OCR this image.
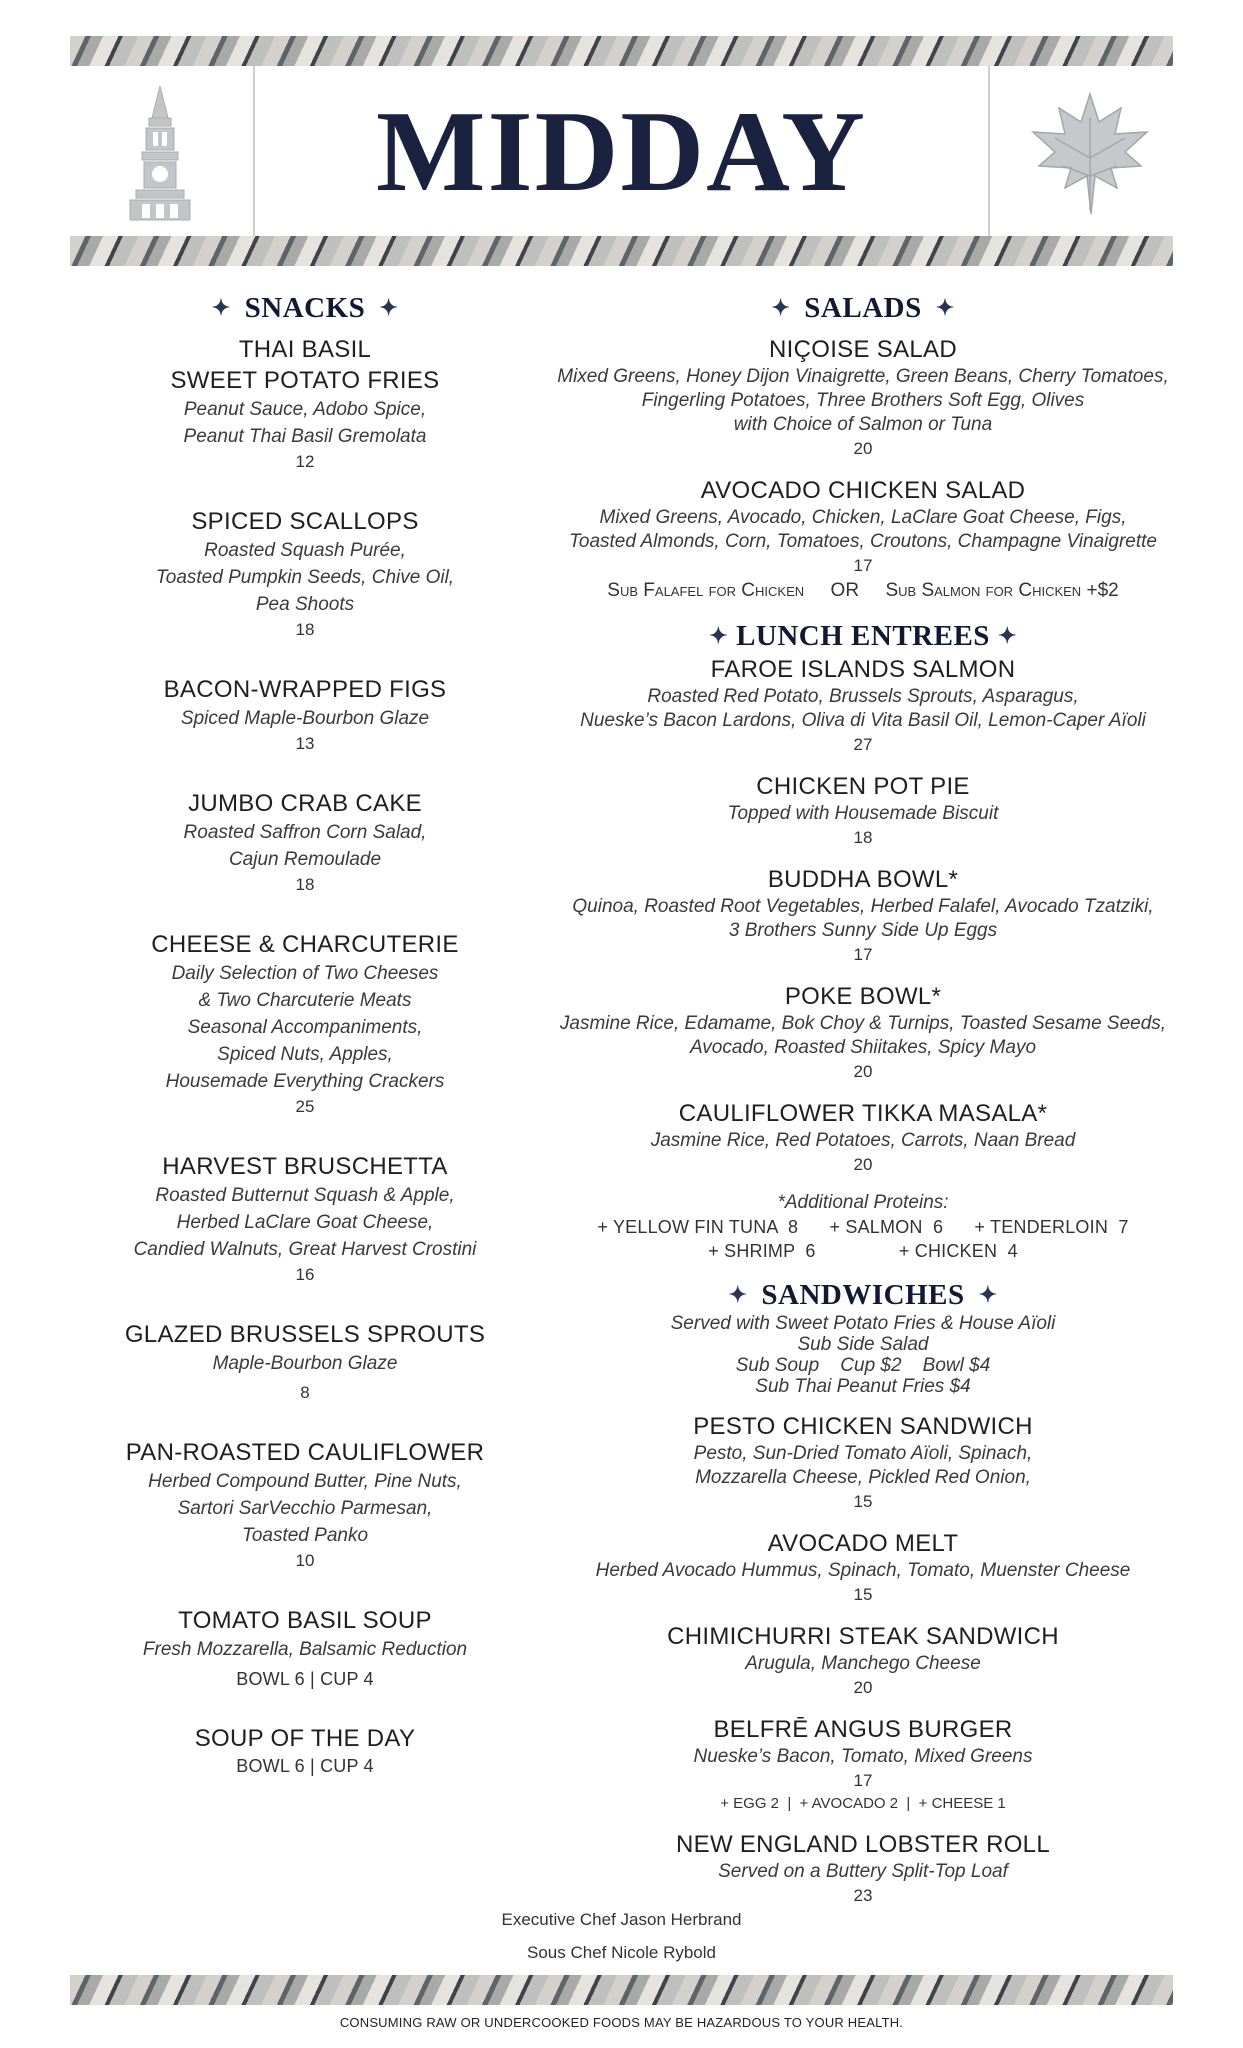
MIDDAY
✦ SNACKS ✦
THAI BASIL
SWEET POTATO FRIES
Peanut Sauce, Adobo Spice,
Peanut Thai Basil Gremolata
12
SPICED SCALLOPS
Roasted Squash Purée,
Toasted Pumpkin Seeds, Chive Oil,
Pea Shoots
18
BACON-WRAPPED FIGS
Spiced Maple-Bourbon Glaze
13
JUMBO CRAB CAKE
Roasted Saffron Corn Salad,
Cajun Remoulade
18
CHEESE & CHARCUTERIE
Daily Selection of Two Cheeses
& Two Charcuterie Meats
Seasonal Accompaniments,
Spiced Nuts, Apples,
Housemade Everything Crackers
25
HARVEST BRUSCHETTA
Roasted Butternut Squash & Apple,
Herbed LaClare Goat Cheese,
Candied Walnuts, Great Harvest Crostini
16
GLAZED BRUSSELS SPROUTS
Maple-Bourbon Glaze
8
PAN-ROASTED CAULIFLOWER
Herbed Compound Butter, Pine Nuts,
Sartori SarVecchio Parmesan,
Toasted Panko
10
TOMATO BASIL SOUP
Fresh Mozzarella, Balsamic Reduction
BOWL 6 | CUP 4
SOUP OF THE DAY
BOWL 6 | CUP 4
✦ SALADS ✦
NIÇOISE SALAD
Mixed Greens, Honey Dijon Vinaigrette, Green Beans, Cherry Tomatoes,
Fingerling Potatoes, Three Brothers Soft Egg, Olives
with Choice of Salmon or Tuna
20
AVOCADO CHICKEN SALAD
Mixed Greens, Avocado, Chicken, LaClare Goat Cheese, Figs,
Toasted Almonds, Corn, Tomatoes, Croutons, Champagne Vinaigrette
17
Sub Falafel for Chicken     OR     Sub Salmon for Chicken +$2
✦ LUNCH ENTREES ✦
FAROE ISLANDS SALMON
Roasted Red Potato, Brussels Sprouts, Asparagus,
Nueske’s Bacon Lardons, Oliva di Vita Basil Oil, Lemon-Caper Aïoli
27
CHICKEN POT PIE
Topped with Housemade Biscuit
18
BUDDHA BOWL*
Quinoa, Roasted Root Vegetables, Herbed Falafel, Avocado Tzatziki,
3 Brothers Sunny Side Up Eggs
17
POKE BOWL*
Jasmine Rice, Edamame, Bok Choy & Turnips, Toasted Sesame Seeds,
Avocado, Roasted Shiitakes, Spicy Mayo
20
CAULIFLOWER TIKKA MASALA*
Jasmine Rice, Red Potatoes, Carrots, Naan Bread
20
*Additional Proteins:
+ YELLOW FIN TUNA  8      + SALMON  6      + TENDERLOIN  7
+ SHRIMP  6                + CHICKEN  4
✦ SANDWICHES ✦
Served with Sweet Potato Fries & House Aïoli
Sub Side Salad
Sub Soup    Cup $2    Bowl $4
Sub Thai Peanut Fries $4
PESTO CHICKEN SANDWICH
Pesto, Sun-Dried Tomato Aïoli, Spinach,
Mozzarella Cheese, Pickled Red Onion,
15
AVOCADO MELT
Herbed Avocado Hummus, Spinach, Tomato, Muenster Cheese
15
CHIMICHURRI STEAK SANDWICH
Arugula, Manchego Cheese
20
BELFRĒ ANGUS BURGER
Nueske’s Bacon, Tomato, Mixed Greens
17
+ EGG 2  |  + AVOCADO 2  |  + CHEESE 1
NEW ENGLAND LOBSTER ROLL
Served on a Buttery Split-Top Loaf
23
Executive Chef Jason Herbrand
Sous Chef Nicole Rybold
CONSUMING RAW OR UNDERCOOKED FOODS MAY BE HAZARDOUS TO YOUR HEALTH.
